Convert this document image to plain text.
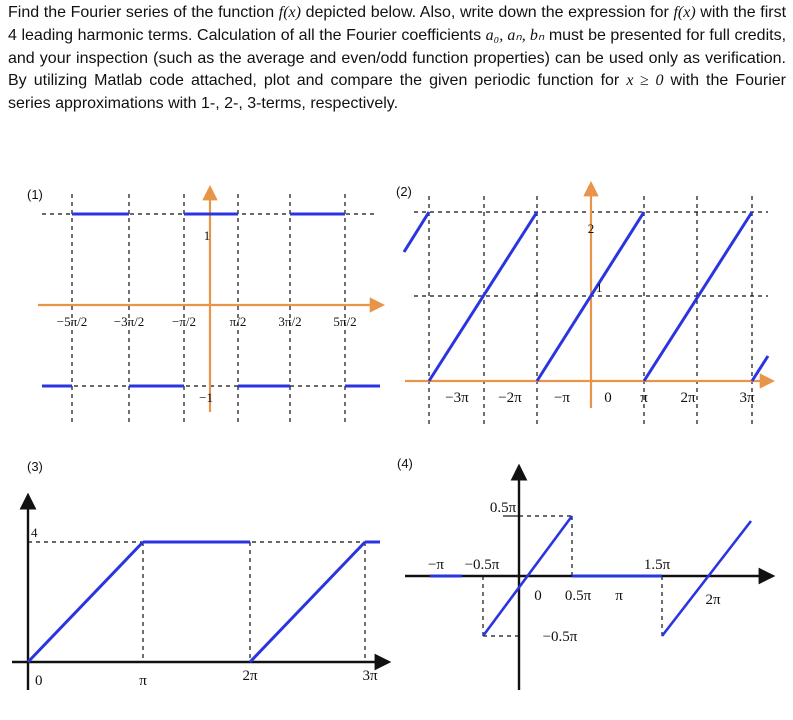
Find the Fourier series of the function f(x) depicted below. Also, write down the expression for f(x) with the first 4 leading harmonic terms. Calculation of all the Fourier coefficients a₀, aₙ, bₙ must be presented for full credits, and your inspection (such as the average and even/odd function properties) can be used only as verification. By utilizing Matlab code attached, plot and compare the given periodic function for x ≥ 0 with the Fourier series approximations with 1-, 2-, 3-terms, respectively.

(1)
1
−1
−5π/2 −3π/2 −π/2	π/2 3π/2 5π/2
(2)
2
1
−3π −2π −π 0 π 2π	3π
(3)
4
0	π	2π	3π
(4)
0.5π
−0.5π
−π −0.5π
0 0.5π π
1.5π
2π
